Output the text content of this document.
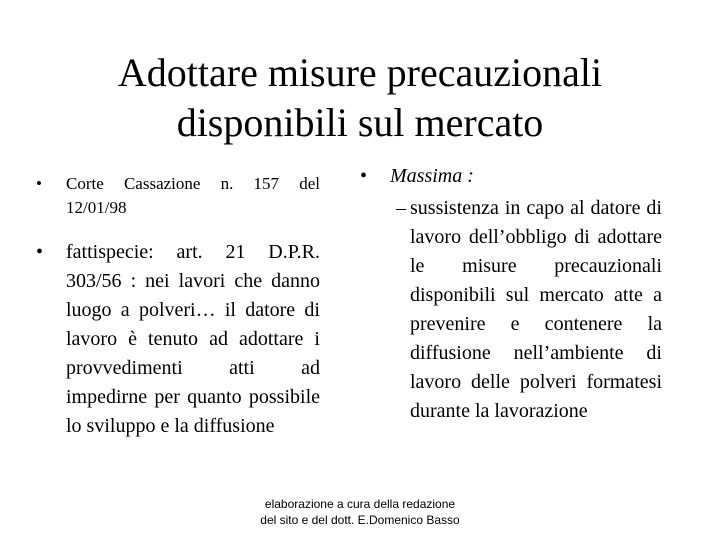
Adottare misure precauzionali
disponibili sul mercato
•	Corte Cassazione n. 157 del 12/01/98
•	fattispecie: art. 21 D.P.R. 303/56 : nei lavori che danno luogo a polveri… il datore di lavoro è tenuto ad adottare i provvedimenti atti ad impedirne per quanto possibile lo sviluppo e la diffusione
•	Massima :
– sussistenza in capo al datore di lavoro dell’obbligo di adottare le misure precauzionali disponibili sul mercato atte a prevenire e contenere la diffusione nell’ambiente di lavoro delle polveri formatesi durante la lavorazione
elaborazione a cura della redazione
del sito e del dott. E.Domenico Basso
